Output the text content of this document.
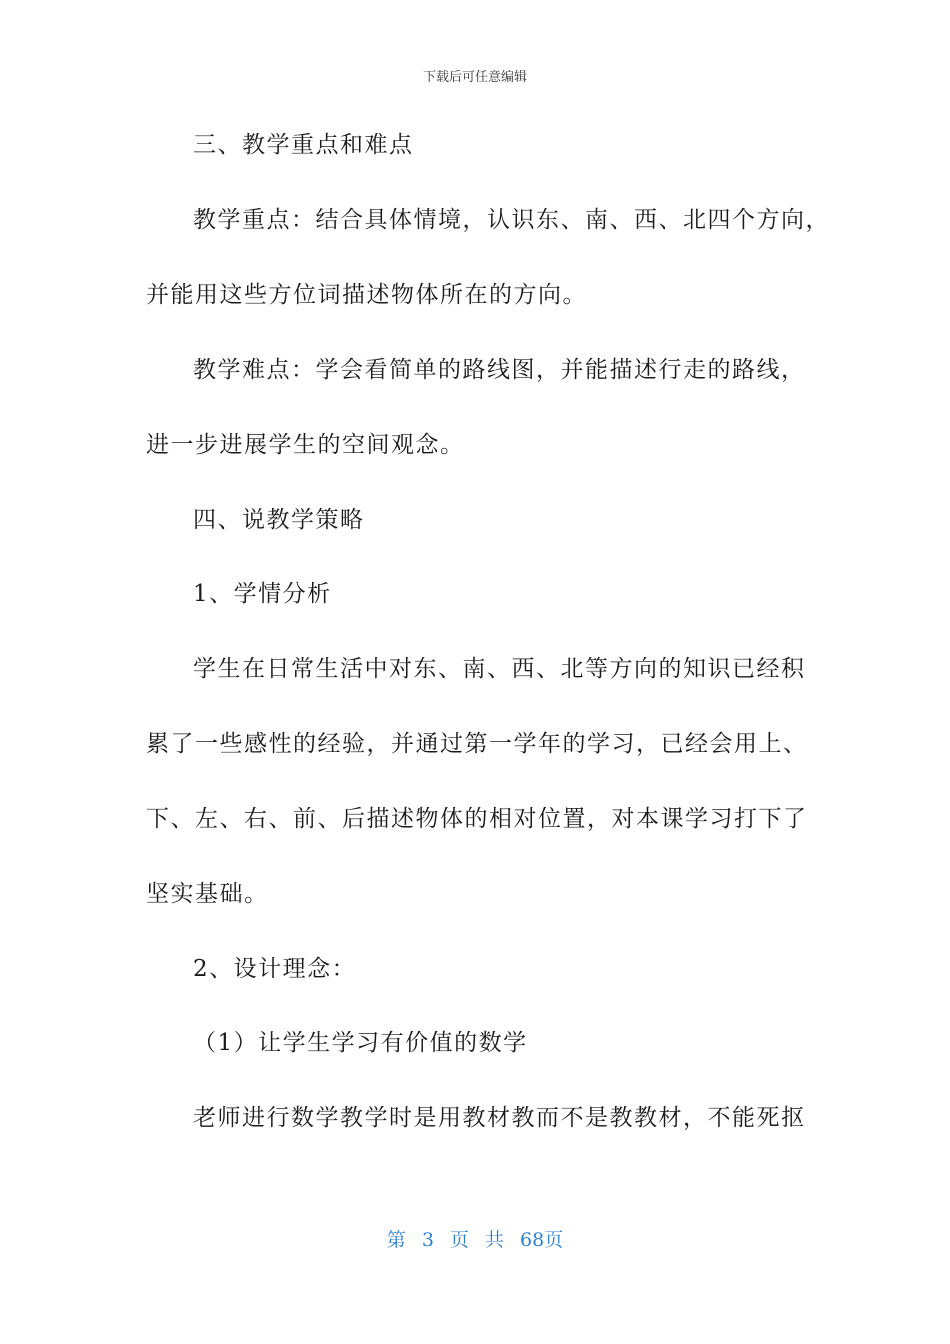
下载后可任意编辑
三、教学重点和难点
教学重点：结合具体情境，认识东、南、西、北四个方向，
并能用这些方位词描述物体所在的方向。
教学难点：学会看简单的路线图，并能描述行走的路线，
进一步进展学生的空间观念。
四、说教学策略
1、学情分析
学生在日常生活中对东、南、西、北等方向的知识已经积
累了一些感性的经验，并通过第一学年的学习，已经会用上、
下、左、右、前、后描述物体的相对位置，对本课学习打下了
坚实基础。
2、设计理念：
（1）让学生学习有价值的数学
老师进行数学教学时是用教材教而不是教教材，不能死抠
第 3 页 共 68页
